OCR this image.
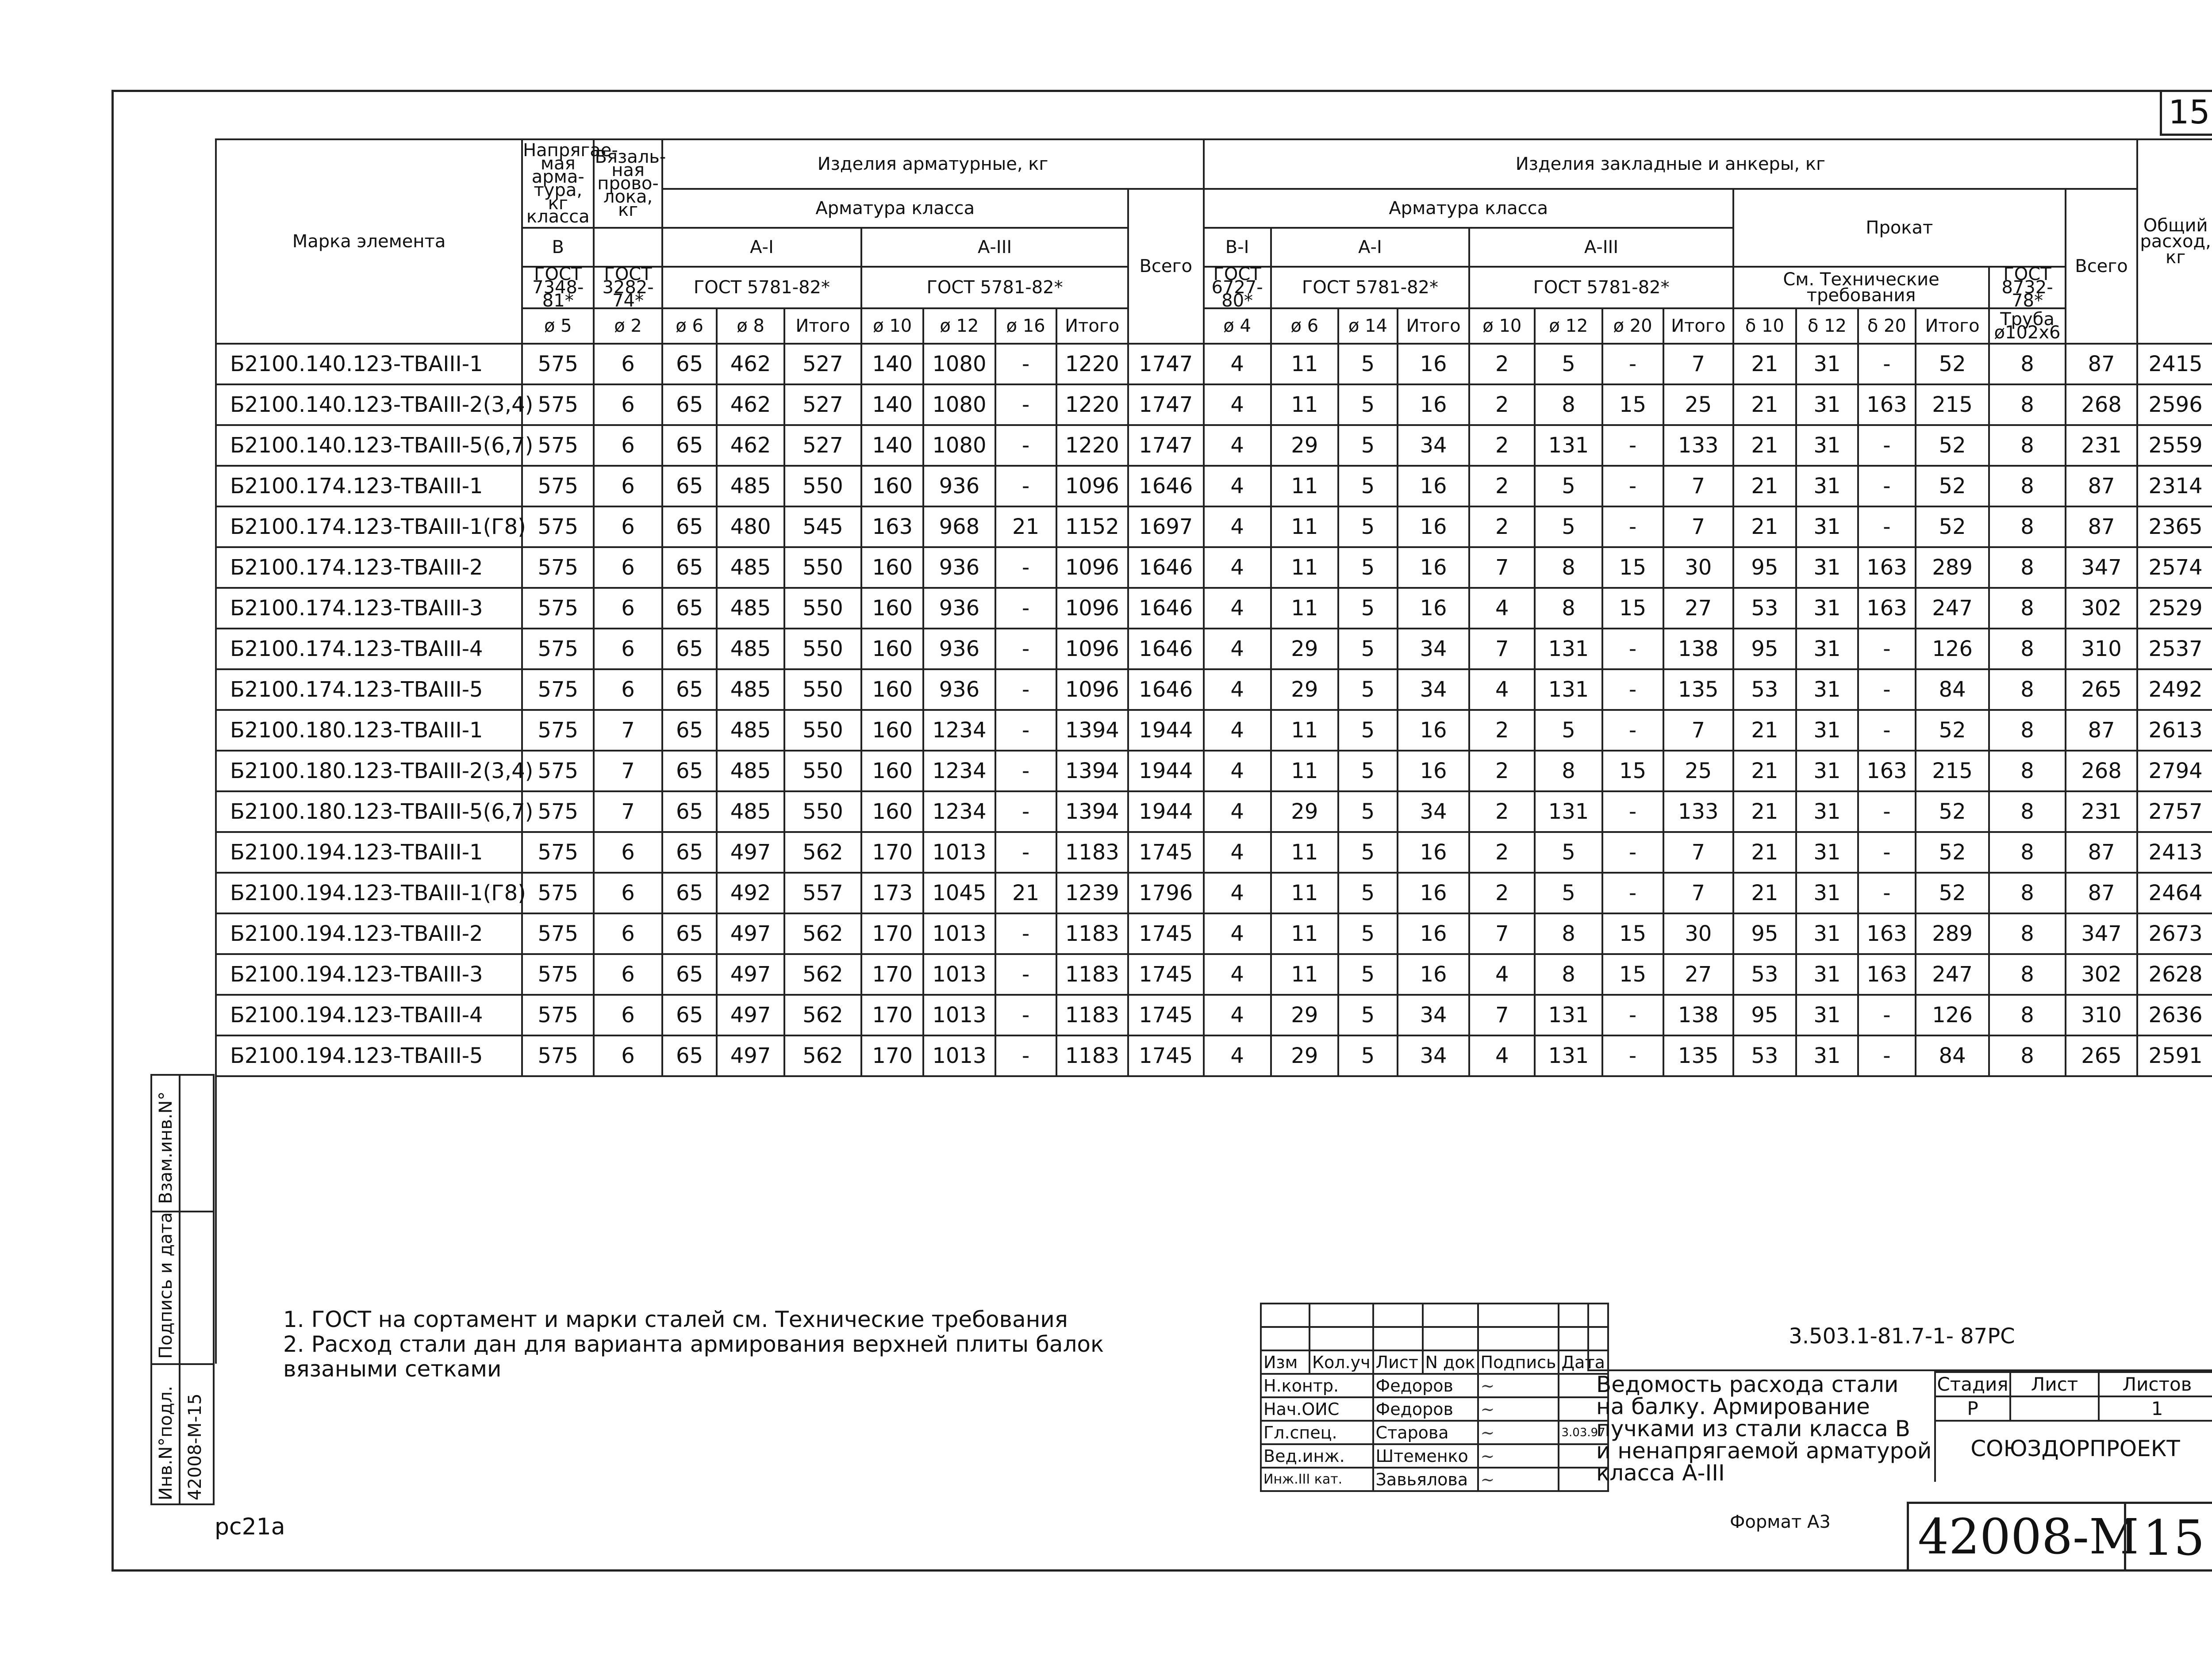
15
Марка элемента	Напрягае-мая арма-тура, кг класса	Вязаль-ная прово-лока, кг	Изделия арматурные, кг								Изделия закладные и анкеры, кг														Общий расход, кг
			Арматура класса							Всего	Арматура класса								Прокат					Всего	
	В		А-I			А-III					В-I	А-I			А-III										
	ГОСТ 7348-81*	ГОСТ 3282-74*	ГОСТ 5781-82*			ГОСТ 5781-82*					ГОСТ 6727-80*	ГОСТ 5781-82*			ГОСТ 5781-82*				См. Технические требования				ГОСТ 8732-78*		
	ø 5	ø 2	ø 6	ø 8	Итого	ø 10	ø 12	ø 16	Итого		ø 4	ø 6	ø 14	Итого	ø 10	ø 12	ø 20	Итого	δ 10	δ 12	δ 20	Итого	Труба ø102х6		
Б2100.140.123-ТВАIII-1	575	6	65	462	527	140	1080	-	1220	1747	4	11	5	16	2	5	-	7	21	31	-	52	8	87	2415
Б2100.140.123-ТВАIII-2(3,4)	575	6	65	462	527	140	1080	-	1220	1747	4	11	5	16	2	8	15	25	21	31	163	215	8	268	2596
Б2100.140.123-ТВАIII-5(6,7)	575	6	65	462	527	140	1080	-	1220	1747	4	29	5	34	2	131	-	133	21	31	-	52	8	231	2559
Б2100.174.123-ТВАIII-1	575	6	65	485	550	160	936	-	1096	1646	4	11	5	16	2	5	-	7	21	31	-	52	8	87	2314
Б2100.174.123-ТВАIII-1(Г8)	575	6	65	480	545	163	968	21	1152	1697	4	11	5	16	2	5	-	7	21	31	-	52	8	87	2365
Б2100.174.123-ТВАIII-2	575	6	65	485	550	160	936	-	1096	1646	4	11	5	16	7	8	15	30	95	31	163	289	8	347	2574
Б2100.174.123-ТВАIII-3	575	6	65	485	550	160	936	-	1096	1646	4	11	5	16	4	8	15	27	53	31	163	247	8	302	2529
Б2100.174.123-ТВАIII-4	575	6	65	485	550	160	936	-	1096	1646	4	29	5	34	7	131	-	138	95	31	-	126	8	310	2537
Б2100.174.123-ТВАIII-5	575	6	65	485	550	160	936	-	1096	1646	4	29	5	34	4	131	-	135	53	31	-	84	8	265	2492
Б2100.180.123-ТВАIII-1	575	7	65	485	550	160	1234	-	1394	1944	4	11	5	16	2	5	-	7	21	31	-	52	8	87	2613
Б2100.180.123-ТВАIII-2(3,4)	575	7	65	485	550	160	1234	-	1394	1944	4	11	5	16	2	8	15	25	21	31	163	215	8	268	2794
Б2100.180.123-ТВАIII-5(6,7)	575	7	65	485	550	160	1234	-	1394	1944	4	29	5	34	2	131	-	133	21	31	-	52	8	231	2757
Б2100.194.123-ТВАIII-1	575	6	65	497	562	170	1013	-	1183	1745	4	11	5	16	2	5	-	7	21	31	-	52	8	87	2413
Б2100.194.123-ТВАIII-1(Г8)	575	6	65	492	557	173	1045	21	1239	1796	4	11	5	16	2	5	-	7	21	31	-	52	8	87	2464
Б2100.194.123-ТВАIII-2	575	6	65	497	562	170	1013	-	1183	1745	4	11	5	16	7	8	15	30	95	31	163	289	8	347	2673
Б2100.194.123-ТВАIII-3	575	6	65	497	562	170	1013	-	1183	1745	4	11	5	16	4	8	15	27	53	31	163	247	8	302	2628
Б2100.194.123-ТВАIII-4	575	6	65	497	562	170	1013	-	1183	1745	4	29	5	34	7	131	-	138	95	31	-	126	8	310	2636
Б2100.194.123-ТВАIII-5	575	6	65	497	562	170	1013	-	1183	1745	4	29	5	34	4	131	-	135	53	31	-	84	8	265	2591

Взам.инв.N°
Подпись и дата
Инв.N°подл. 42008-М-15
1. ГОСТ на сортамент и марки сталей см. Технические требования
2. Расход стали дан для варианта армирования верхней плиты балок
вязаными сетками
рс21а

Изм	Кол.уч	Лист	N док	Подпись	Дата
Н.контр.		Федоров		~	
Нач.ОИС		Федоров		~	
Гл.спец.		Старова		~	3.03.97
Вед.инж.		Штеменко		~	
Инж.III кат.		Завьялова		~	
3.503.1-81.7-1- 87РС
Ведомость расхода стали
на балку. Армирование
пучками из стали класса В
и ненапрягаемой арматурой
класса А-III
Стадия	Лист	Листов
Р		1
СОЮЗДОРПРОЕКТ
Формат А3 42008-М 15
